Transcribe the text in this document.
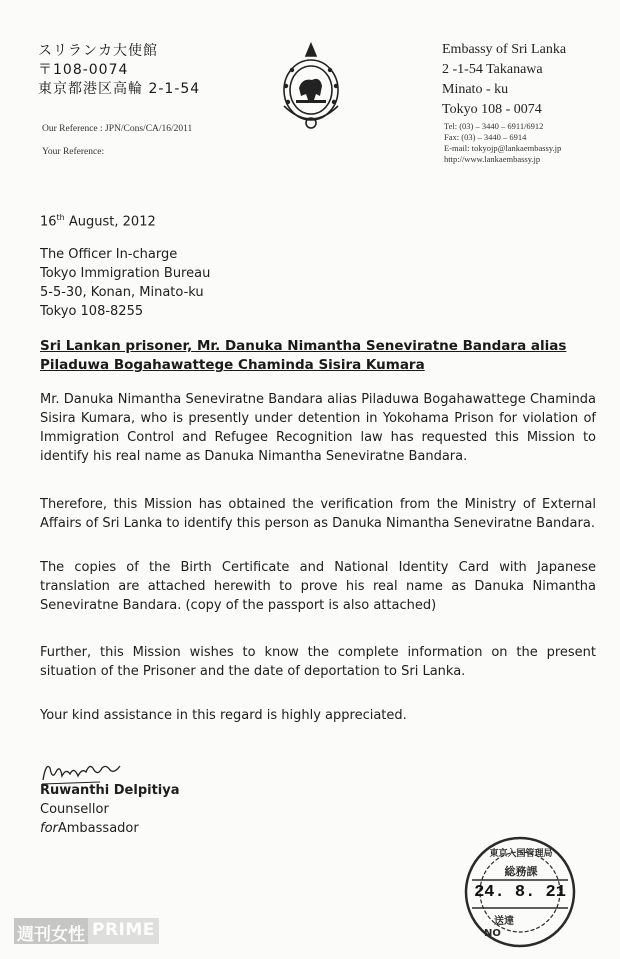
スリランカ大使館
〒108-0074
東京都港区高輪 2-1-54
Embassy of Sri Lanka
2 -1-54 Takanawa
Minato - ku
Tokyo 108 - 0074
Tel: (03) – 3440 – 6911/6912
Fax: (03) – 3440 – 6914
E-mail: tokyojp@lankaembassy.jp
http://www.lankaembassy.jp
Our Reference : JPN/Cons/CA/16/2011
Your Reference:
16th August, 2012
The Officer In-charge
Tokyo Immigration Bureau
5-5-30, Konan, Minato-ku
Tokyo 108-8255
Sri Lankan prisoner, Mr. Danuka Nimantha Seneviratne Bandara alias
Piladuwa Bogahawattege Chaminda Sisira Kumara
Mr. Danuka Nimantha Seneviratne Bandara alias Piladuwa Bogahawattege Chaminda Sisira Kumara, who is presently under detention in Yokohama Prison for violation of Immigration Control and Refugee Recognition law has requested this Mission to identify his real name as Danuka Nimantha Seneviratne Bandara.
Therefore, this Mission has obtained the verification from the Ministry of External Affairs of Sri Lanka to identify this person as Danuka Nimantha Seneviratne Bandara.
The copies of the Birth Certificate and National Identity Card with Japanese translation are attached herewith to prove his real name as Danuka Nimantha Seneviratne Bandara. (copy of the passport is also attached)
Further, this Mission wishes to know the complete information on the present situation of the Prisoner and the date of deportation to Sri Lanka.
Your kind assistance in this regard is highly appreciated.
Ruwanthi Delpitiya
Counsellor
forAmbassador
東京入国管理局
総務課
24. 8. 21
送達
NO
週刊女性 PRIME
